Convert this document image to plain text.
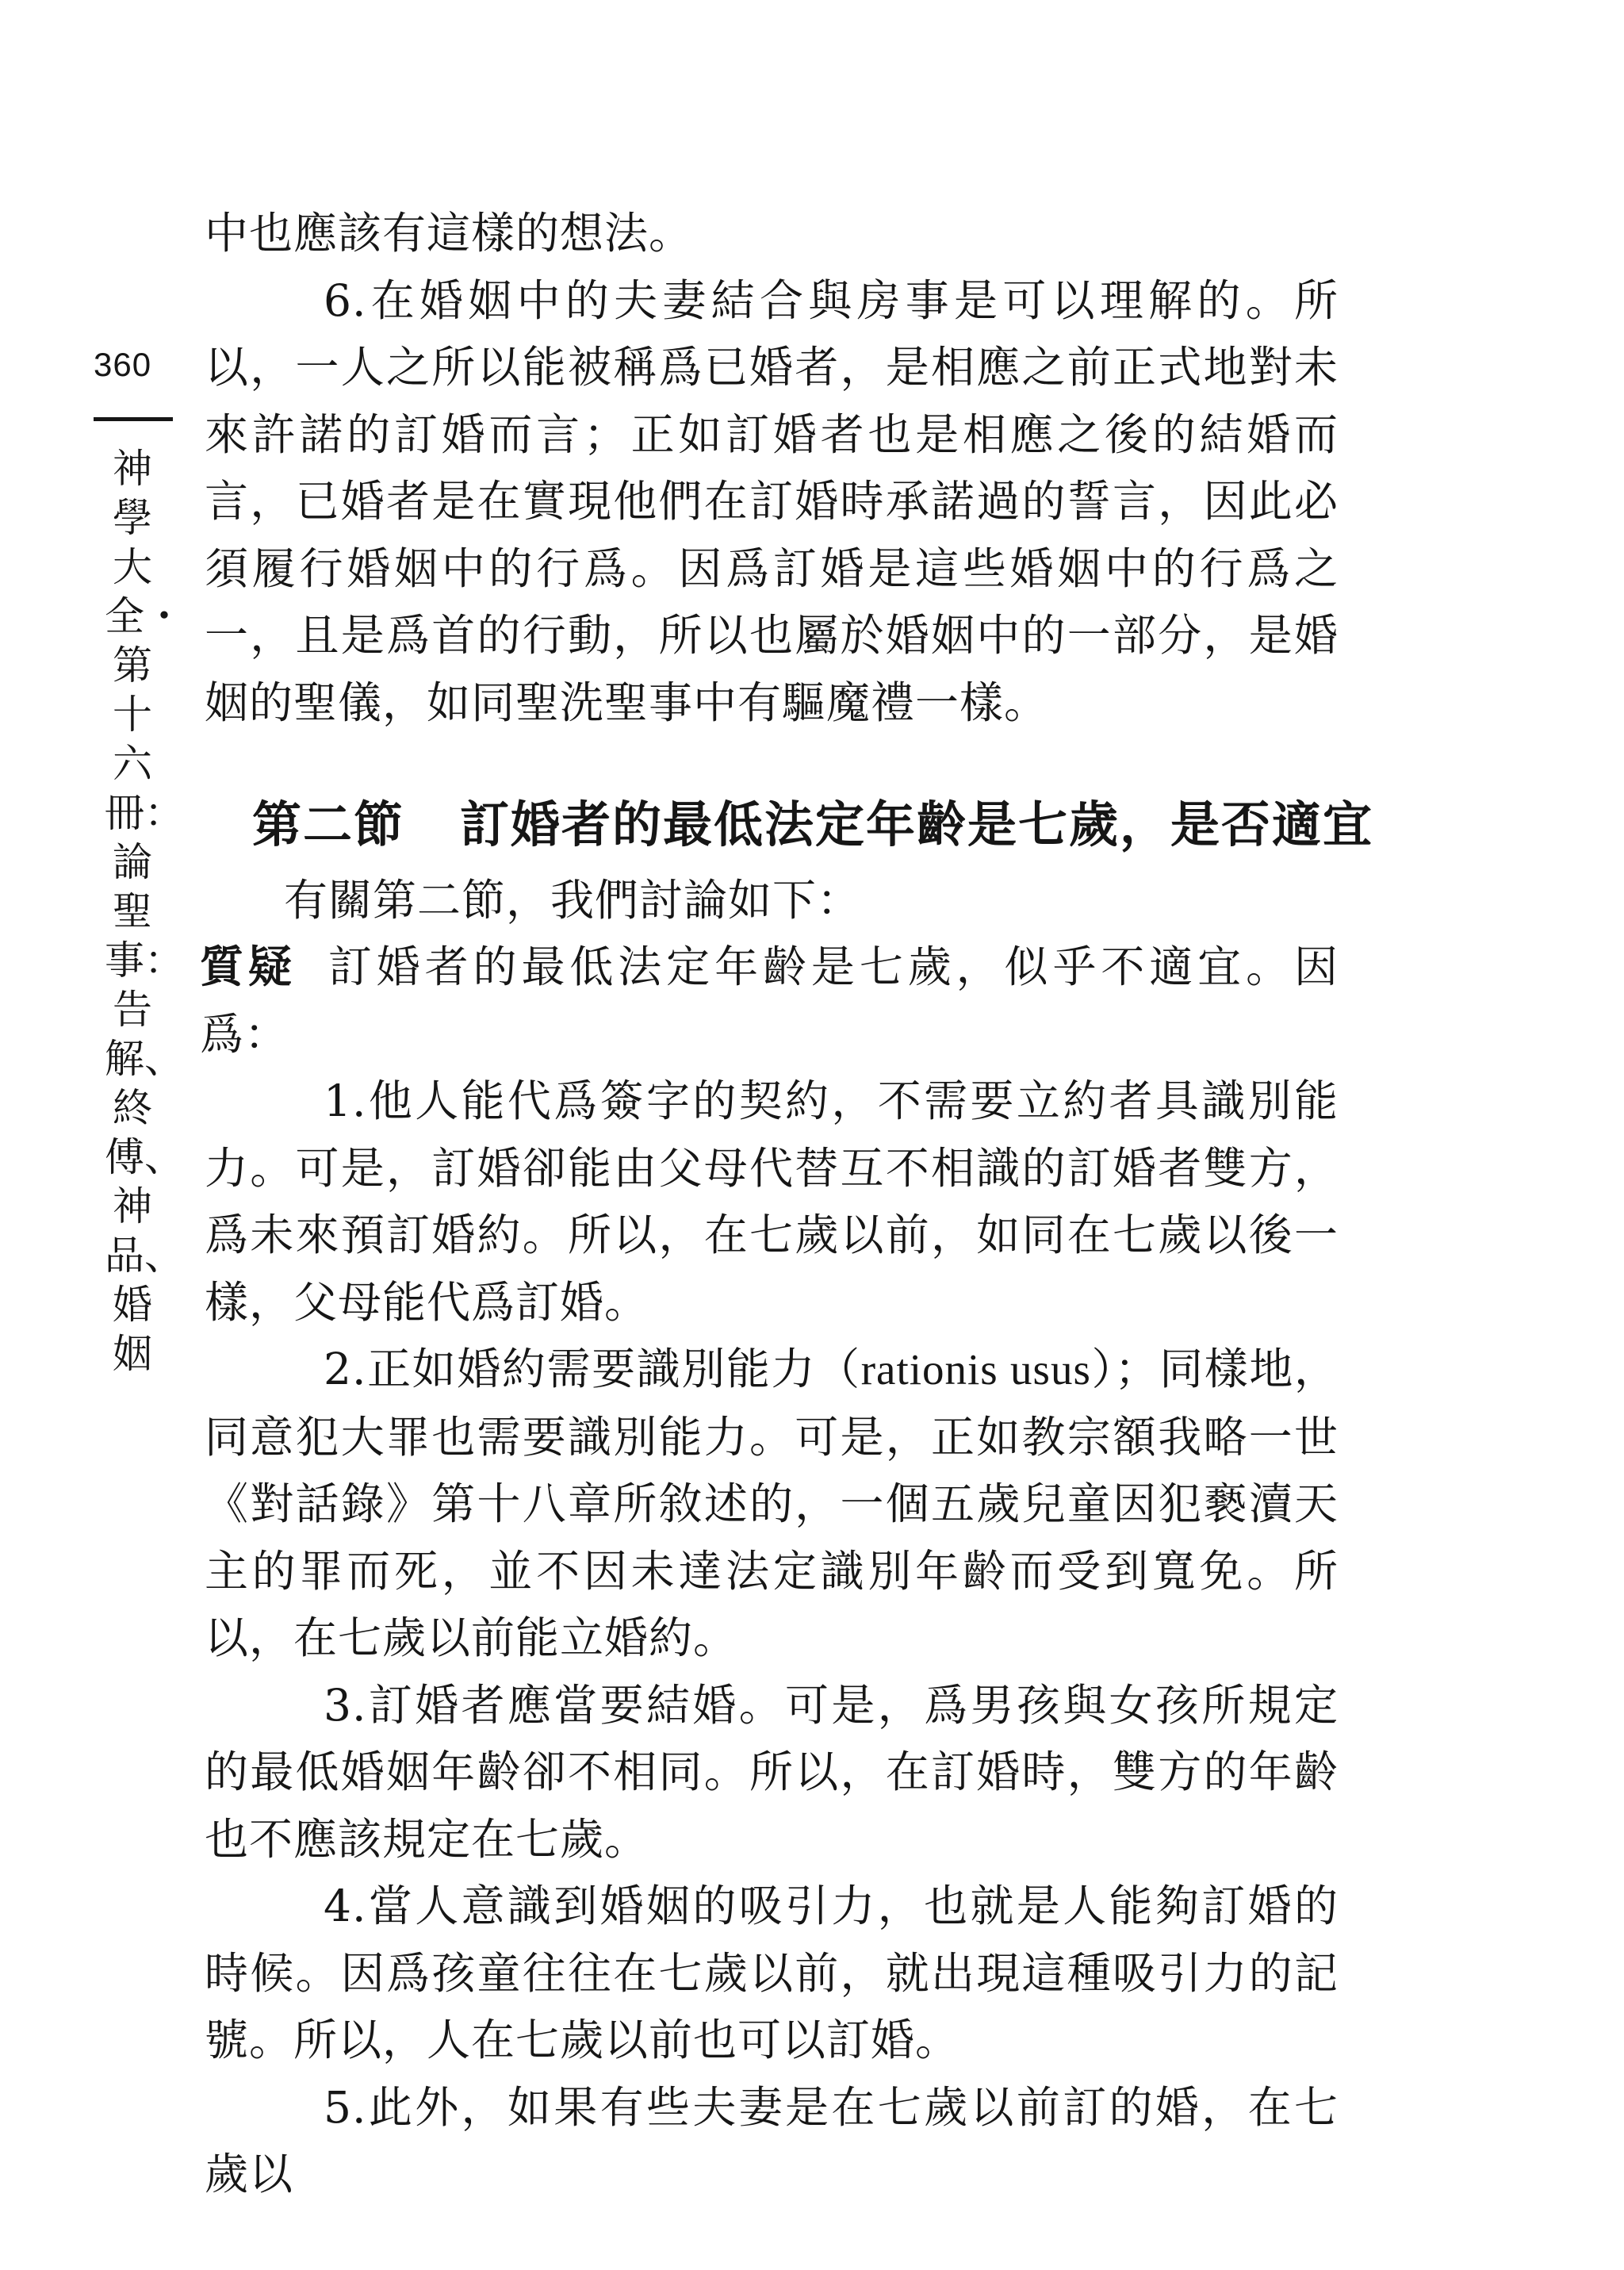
360
神學大全・第十六冊：論聖事：告解、終傅、神品、婚姻

中也應該有這樣的想法。

6.在婚姻中的夫妻結合與房事是可以理解的。所以，一人之所以能被稱爲已婚者，是相應之前正式地對未來許諾的訂婚而言；正如訂婚者也是相應之後的結婚而言，已婚者是在實現他們在訂婚時承諾過的誓言，因此必須履行婚姻中的行爲。因爲訂婚是這些婚姻中的行爲之一，且是爲首的行動，所以也屬於婚姻中的一部分，是婚姻的聖儀，如同聖洗聖事中有驅魔禮一樣。

第二節 訂婚者的最低法定年齡是七歲，是否適宜

有關第二節，我們討論如下：

質疑 訂婚者的最低法定年齡是七歲，似乎不適宜。因爲：

1.他人能代爲簽字的契約，不需要立約者具識別能力。可是，訂婚卻能由父母代替互不相識的訂婚者雙方，爲未來預訂婚約。所以，在七歲以前，如同在七歲以後一樣，父母能代爲訂婚。

2.正如婚約需要識別能力（rationis usus）；同樣地，同意犯大罪也需要識別能力。可是，正如教宗額我略一世《對話錄》第十八章所敘述的，一個五歲兒童因犯褻瀆天主的罪而死，並不因未達法定識別年齡而受到寬免。所以，在七歲以前能立婚約。

3.訂婚者應當要結婚。可是，爲男孩與女孩所規定的最低婚姻年齡卻不相同。所以，在訂婚時，雙方的年齡也不應該規定在七歲。

4.當人意識到婚姻的吸引力，也就是人能夠訂婚的時候。因爲孩童往往在七歲以前，就出現這種吸引力的記號。所以，人在七歲以前也可以訂婚。

5.此外，如果有些夫妻是在七歲以前訂的婚，在七歲以
